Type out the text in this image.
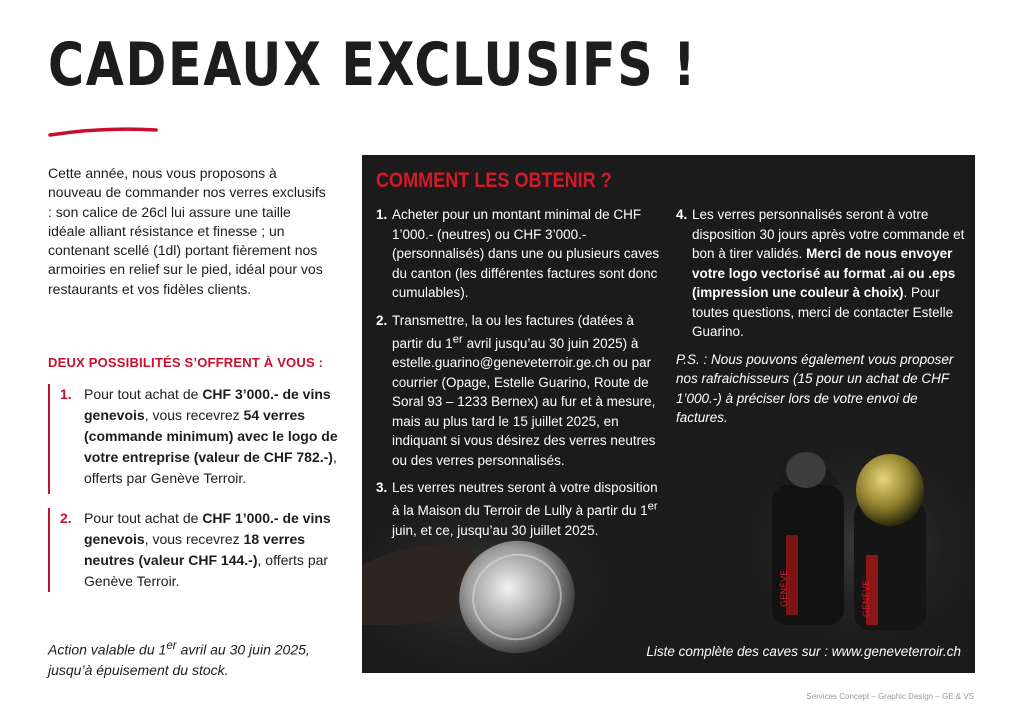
CADEAUX EXCLUSIFS !

Cette année, nous vous proposons à nouveau de commander nos verres exclusifs : son calice de 26cl lui assure une taille idéale alliant résistance et finesse ; un contenant scellé (1dl) portant fièrement nos armoiries en relief sur le pied, idéal pour vos restaurants et vos fidèles clients.

DEUX POSSIBILITÉS S’OFFRENT À VOUS :
1. Pour tout achat de CHF 3’000.- de vins genevois, vous recevrez 54 verres (commande minimum) avec le logo de votre entreprise (valeur de CHF 782.-), offerts par Genève Terroir.

2. Pour tout achat de CHF 1’000.- de vins genevois, vous recevrez 18 verres neutres (valeur CHF 144.-), offerts par Genève Terroir.

Action valable du 1er avril au 30 juin 2025, jusqu’à épuisement du stock.

COMMENT LES OBTENIR ?
1. Acheter pour un montant minimal de CHF 1’000.- (neutres) ou CHF 3’000.- (personnalisés) dans une ou plusieurs caves du canton (les différentes factures sont donc cumulables).
2. Transmettre, la ou les factures (datées à partir du 1er avril jusqu’au 30 juin 2025) à estelle.guarino@geneveterroir.ge.ch ou par courrier (Opage, Estelle Guarino, Route de Soral 93 – 1233 Bernex) au fur et à mesure, mais au plus tard le 15 juillet 2025, en indiquant si vous désirez des verres neutres ou des verres personnalisés.
3. Les verres neutres seront à votre disposition à la Maison du Terroir de Lully à partir du 1er juin, et ce, jusqu’au 30 juillet 2025.
4. Les verres personnalisés seront à votre disposition 30 jours après votre commande et bon à tirer validés. Merci de nous envoyer votre logo vectorisé au format .ai ou .eps (impression une couleur à choix). Pour toutes questions, merci de contacter Estelle Guarino.

P.S. : Nous pouvons également vous proposer nos rafraichisseurs (15 pour un achat de CHF 1’000.-) à préciser lors de votre envoi de factures.

Liste complète des caves sur : www.geneveterroir.ch

GENÈVE	GENÈVE

Services Concept – Graphic Design – GE & VS
